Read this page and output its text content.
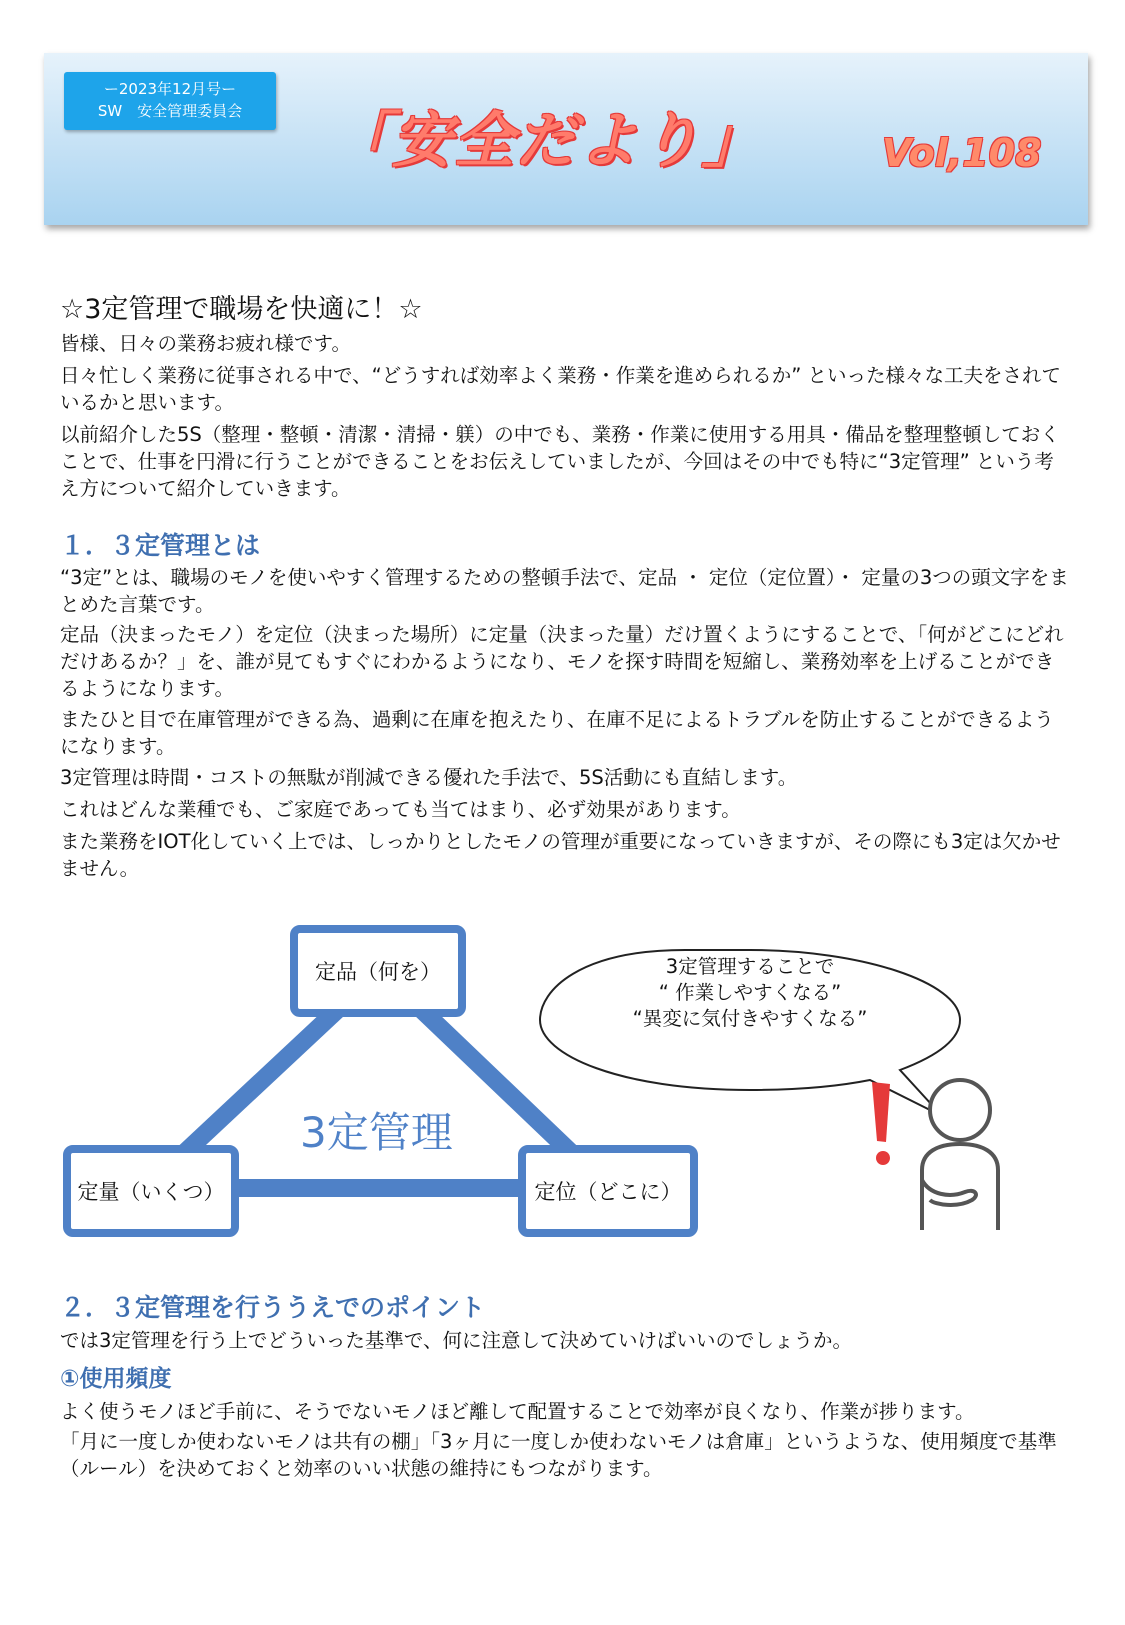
ー2023年12月号ー
SW　安全管理委員会	「安全だより」	Vol,108
☆3定管理で職場を快適に！☆

皆様、日々の業務お疲れ様です。

日々忙しく業務に従事される中で、“どうすれば効率よく業務・作業を進められるか” といった様々な工夫をされているかと思います。

以前紹介した5S（整理・整頓・清潔・清掃・躾）の中でも、業務・作業に使用する用具・備品を整理整頓しておくことで、仕事を円滑に行うことができることをお伝えしていましたが、今回はその中でも特に“3定管理” という考え方について紹介していきます。

１．３定管理とは

“3定”とは、職場のモノを使いやすく管理するための整頓手法で、定品 ・ 定位（定位置）・ 定量の3つの頭文字をまとめた言葉です。

定品（決まったモノ）を定位（決まった場所）に定量（決まった量）だけ置くようにすることで、「何がどこにどれだけあるか？」を、誰が見てもすぐにわかるようになり、モノを探す時間を短縮し、業務効率を上げることができるようになります。

またひと目で在庫管理ができる為、過剰に在庫を抱えたり、在庫不足によるトラブルを防止することができるようになります。

3定管理は時間・コストの無駄が削減できる優れた手法で、5S活動にも直結します。

これはどんな業種でも、ご家庭であっても当てはまり、必ず効果があります。

また業務をIOT化していく上では、しっかりとしたモノの管理が重要になっていきますが、その際にも3定は欠かせません。

定品（何を）
定量（いくつ）	定位（どこに）
3定管理
3定管理することで
“ 作業しやすくなる”
“異変に気付きやすくなる”
２．３定管理を行ううえでのポイント

では3定管理を行う上でどういった基準で、何に注意して決めていけばいいのでしょうか。

①使用頻度

よく使うモノほど手前に、そうでないモノほど離して配置することで効率が良くなり、作業が捗ります。

「月に一度しか使わないモノは共有の棚」「3ヶ月に一度しか使わないモノは倉庫」というような、使用頻度で基準（ルール）を決めておくと効率のいい状態の維持にもつながります。
